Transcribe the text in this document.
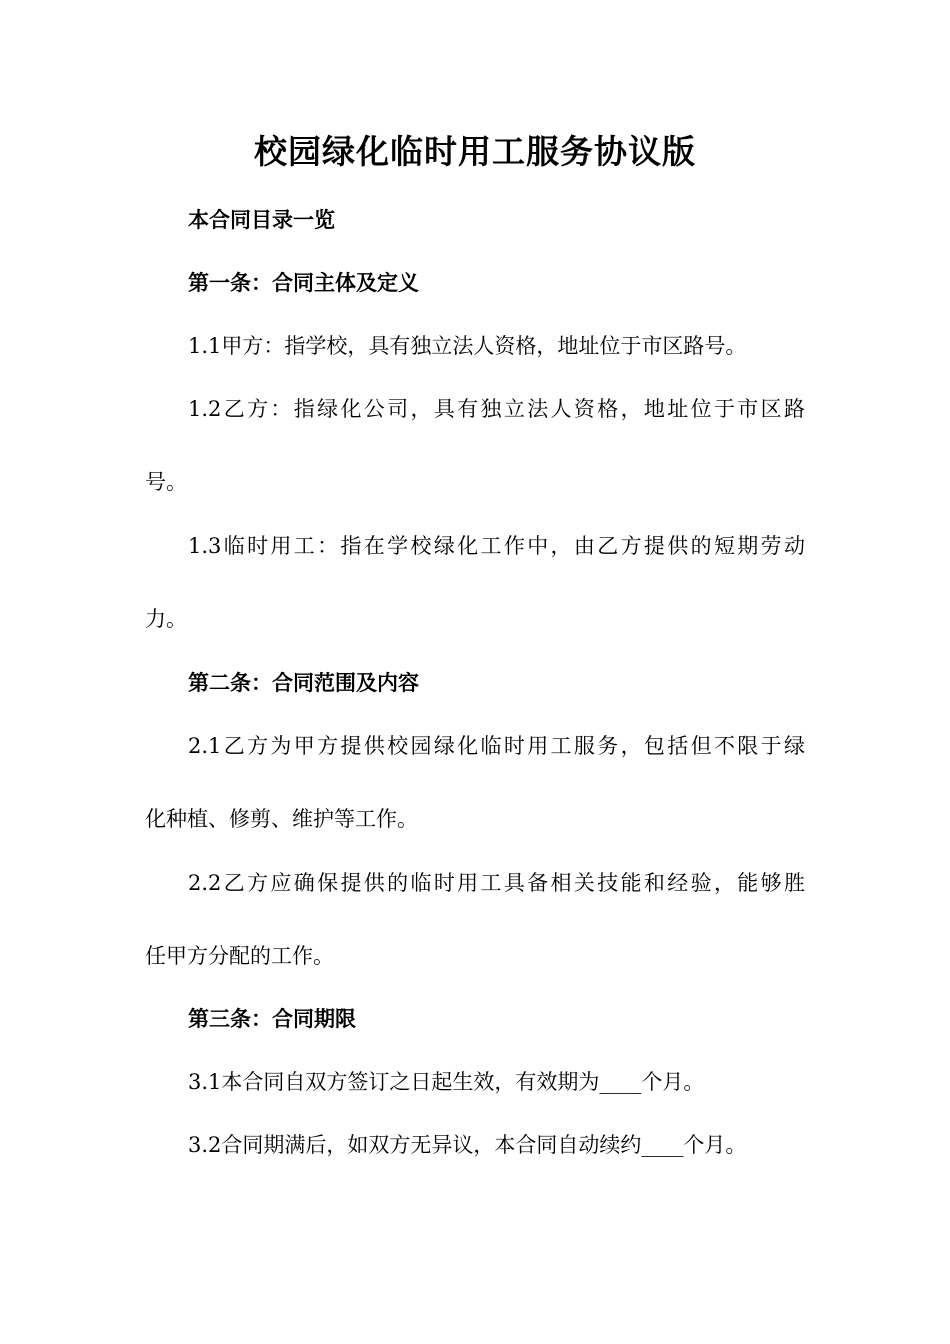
校园绿化临时用工服务协议版
本合同目录一览
第一条：合同主体及定义
1.1甲方：指学校，具有独立法人资格，地址位于市区路号。
1.2乙方：指绿化公司，具有独立法人资格，地址位于市区路
号。
1.3临时用工：指在学校绿化工作中，由乙方提供的短期劳动
力。
第二条：合同范围及内容
2.1乙方为甲方提供校园绿化临时用工服务，包括但不限于绿
化种植、修剪、维护等工作。
2.2乙方应确保提供的临时用工具备相关技能和经验，能够胜
任甲方分配的工作。
第三条：合同期限
3.1本合同自双方签订之日起生效，有效期为____个月。
3.2合同期满后，如双方无异议，本合同自动续约____个月。
